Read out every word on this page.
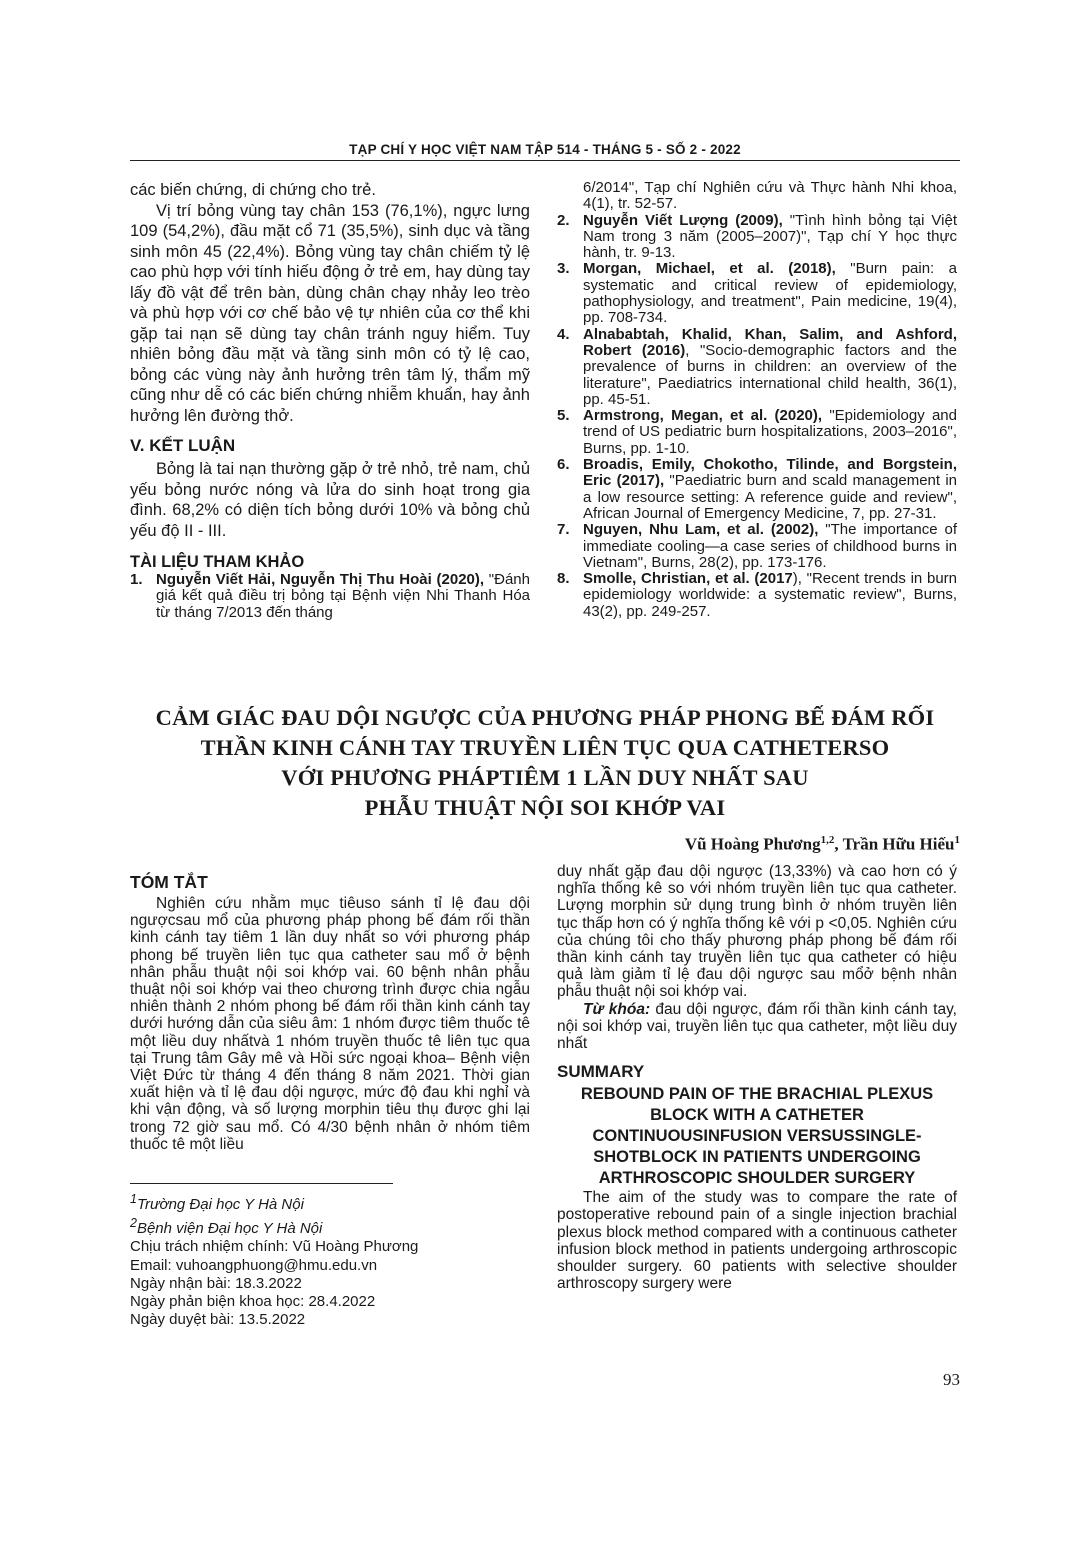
TẠP CHÍ Y HỌC VIỆT NAM TẬP 514 - THÁNG 5 - SỐ 2 - 2022

các biến chứng, di chứng cho trẻ.

Vị trí bỏng vùng tay chân 153 (76,1%), ngực lưng 109 (54,2%), đầu mặt cổ 71 (35,5%), sinh dục và tầng sinh môn 45 (22,4%). Bỏng vùng tay chân chiếm tỷ lệ cao phù hợp với tính hiếu động ở trẻ em, hay dùng tay lấy đồ vật để trên bàn, dùng chân chạy nhảy leo trèo và phù hợp với cơ chế bảo vệ tự nhiên của cơ thể khi gặp tai nạn sẽ dùng tay chân tránh nguy hiểm. Tuy nhiên bỏng đầu mặt và tầng sinh môn có tỷ lệ cao, bỏng các vùng này ảnh hưởng trên tâm lý, thẩm mỹ cũng như dễ có các biến chứng nhiễm khuẩn, hay ảnh hưởng lên đường thở.

V. KẾT LUẬN

Bỏng là tai nạn thường gặp ở trẻ nhỏ, trẻ nam, chủ yếu bỏng nước nóng và lửa do sinh hoạt trong gia đình. 68,2% có diện tích bỏng dưới 10% và bỏng chủ yếu độ II - III.

TÀI LIỆU THAM KHẢO
1. Nguyễn Viết Hải, Nguyễn Thị Thu Hoài (2020), "Đánh giá kết quả điều trị bỏng tại Bệnh viện Nhi Thanh Hóa từ tháng 7/2013 đến tháng

6/2014", Tạp chí Nghiên cứu và Thực hành Nhi khoa, 4(1), tr. 52-57.

2. Nguyễn Viết Lượng (2009), "Tình hình bỏng tại Việt Nam trong 3 năm (2005–2007)", Tạp chí Y học thực hành, tr. 9-13.
3. Morgan, Michael, et al. (2018), "Burn pain: a systematic and critical review of epidemiology, pathophysiology, and treatment", Pain medicine, 19(4), pp. 708-734.
4. Alnababtah, Khalid, Khan, Salim, and Ashford, Robert (2016), "Socio-demographic factors and the prevalence of burns in children: an overview of the literature", Paediatrics international child health, 36(1), pp. 45-51.
5. Armstrong, Megan, et al. (2020), "Epidemiology and trend of US pediatric burn hospitalizations, 2003–2016", Burns, pp. 1-10.
6. Broadis, Emily, Chokotho, Tilinde, and Borgstein, Eric (2017), "Paediatric burn and scald management in a low resource setting: A reference guide and review", African Journal of Emergency Medicine, 7, pp. 27-31.
7. Nguyen, Nhu Lam, et al. (2002), "The importance of immediate cooling—a case series of childhood burns in Vietnam", Burns, 28(2), pp. 173-176.
8. Smolle, Christian, et al. (2017), "Recent trends in burn epidemiology worldwide: a systematic review", Burns, 43(2), pp. 249-257.
CẢM GIÁC ĐAU DỘI NGƯỢC CỦA PHƯƠNG PHÁP PHONG BẾ ĐÁM RỐI
THẦN KINH CÁNH TAY TRUYỀN LIÊN TỤC QUA CATHETERSO
VỚI PHƯƠNG PHÁPTIÊM 1 LẦN DUY NHẤT SAU
PHẪU THUẬT NỘI SOI KHỚP VAI
Vũ Hoàng Phương$^{1,2}$, Trần Hữu Hiếu$^1$
TÓM TẮT

Nghiên cứu nhằm mục tiêuso sánh tỉ lệ đau dội ngượcsau mổ của phương pháp phong bế đám rối thần kinh cánh tay tiêm 1 lần duy nhất so với phương pháp phong bế truyền liên tục qua catheter sau mổ ở bệnh nhân phẫu thuật nội soi khớp vai. 60 bệnh nhân phẫu thuật nội soi khớp vai theo chương trình được chia ngẫu nhiên thành 2 nhóm phong bế đám rối thần kinh cánh tay dưới hướng dẫn của siêu âm: 1 nhóm được tiêm thuốc tê một liều duy nhấtvà 1 nhóm truyền thuốc tê liên tục qua tại Trung tâm Gây mê và Hồi sức ngoại khoa– Bệnh viện Việt Đức từ tháng 4 đến tháng 8 năm 2021. Thời gian xuất hiện và tỉ lệ đau dội ngược, mức độ đau khi nghỉ và khi vận động, và số lượng morphin tiêu thụ được ghi lại trong 72 giờ sau mổ. Có 4/30 bệnh nhân ở nhóm tiêm thuốc tê một liều

$^1$Trường Đại học Y Hà Nội
$^2$Bệnh viện Đại học Y Hà Nội
Chịu trách nhiệm chính: Vũ Hoàng Phương
Email: vuhoangphuong@hmu.edu.vn
Ngày nhận bài: 18.3.2022
Ngày phản biện khoa học: 28.4.2022
Ngày duyệt bài: 13.5.2022

duy nhất gặp đau dội ngược (13,33%) và cao hơn có ý nghĩa thống kê so với nhóm truyền liên tục qua catheter. Lượng morphin sử dụng trung bình ở nhóm truyền liên tục thấp hơn có ý nghĩa thống kê với p <0,05. Nghiên cứu của chúng tôi cho thấy phương pháp phong bế đám rối thần kinh cánh tay truyền liên tục qua catheter có hiệu quả làm giảm tỉ lệ đau dội ngược sau mổở bệnh nhân phẫu thuật nội soi khớp vai.

Từ khóa: đau dội ngược, đám rối thần kinh cánh tay, nội soi khớp vai, truyền liên tục qua catheter, một liều duy nhất

SUMMARY
REBOUND PAIN OF THE BRACHIAL PLEXUS BLOCK WITH A CATHETER CONTINUOUSINFUSION VERSUSSINGLE-SHOTBLOCK IN PATIENTS UNDERGOING ARTHROSCOPIC SHOULDER SURGERY

The aim of the study was to compare the rate of postoperative rebound pain of a single injection brachial plexus block method compared with a continuous catheter infusion block method in patients undergoing arthroscopic shoulder surgery. 60 patients with selective shoulder arthroscopy surgery were

93
